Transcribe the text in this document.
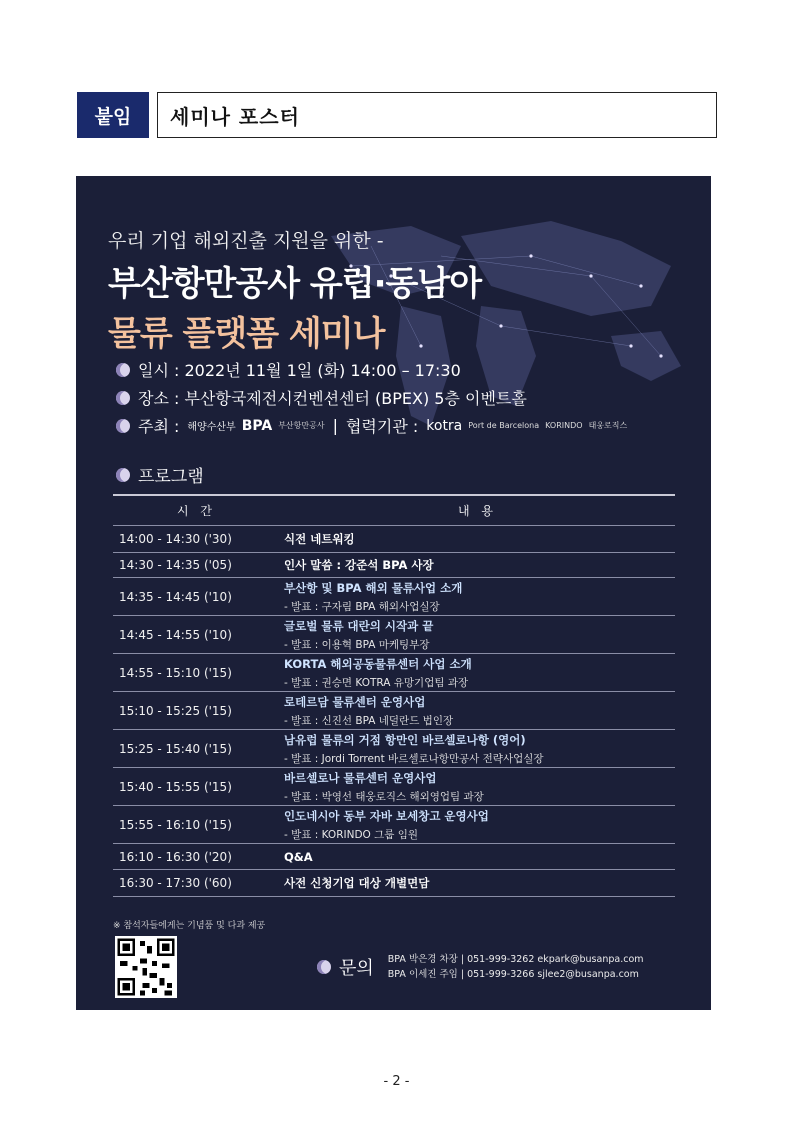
붙임	세미나 포스터
우리 기업 해외진출 지원을 위한 -
부산항만공사 유럽·동남아
물류 플랫폼 세미나
일시 : 2022년 11월 1일 (화) 14:00 – 17:30
장소 : 부산항국제전시컨벤션센터 (BPEX) 5층 이벤트홀
주최 : 해양수산부 BPA 부산항만공사 | 협력기관 : kotra Port de Barcelona KORINDO 태웅로직스
프로그램
시 간	내 용
14:00 - 14:30 ('30)	식전 네트워킹

14:30 - 14:35 ('05)	인사 말씀 : 강준석 BPA 사장

14:35 - 14:45 ('10)	부산항 및 BPA 해외 물류사업 소개
- 발표 : 구자림 BPA 해외사업실장

14:45 - 14:55 ('10)	글로벌 물류 대란의 시작과 끝
- 발표 : 이용혁 BPA 마케팅부장

14:55 - 15:10 ('15)	KORTA 해외공동물류센터 사업 소개
- 발표 : 권승면 KOTRA 유망기업팀 과장

15:10 - 15:25 ('15)	로테르담 물류센터 운영사업
- 발표 : 신진선 BPA 네덜란드 법인장

15:25 - 15:40 ('15)	남유럽 물류의 거점 항만인 바르셀로나항 (영어)
- 발표 : Jordi Torrent 바르셀로나항만공사 전략사업실장

15:40 - 15:55 ('15)	바르셀로나 물류센터 운영사업
- 발표 : 박영선 태웅로직스 해외영업팀 과장

15:55 - 16:10 ('15)	인도네시아 동부 자바 보세창고 운영사업
- 발표 : KORINDO 그룹 임원

16:10 - 16:30 ('20)	Q&A

16:30 - 17:30 ('60)	사전 신청기업 대상 개별면담
※ 참석자들에게는 기념품 및 다과 제공
문의 BPA 박은경 차장 | 051-999-3262 ekpark@busanpa.com
BPA 이세진 주임 | 051-999-3266 sjlee2@busanpa.com
- 2 -
